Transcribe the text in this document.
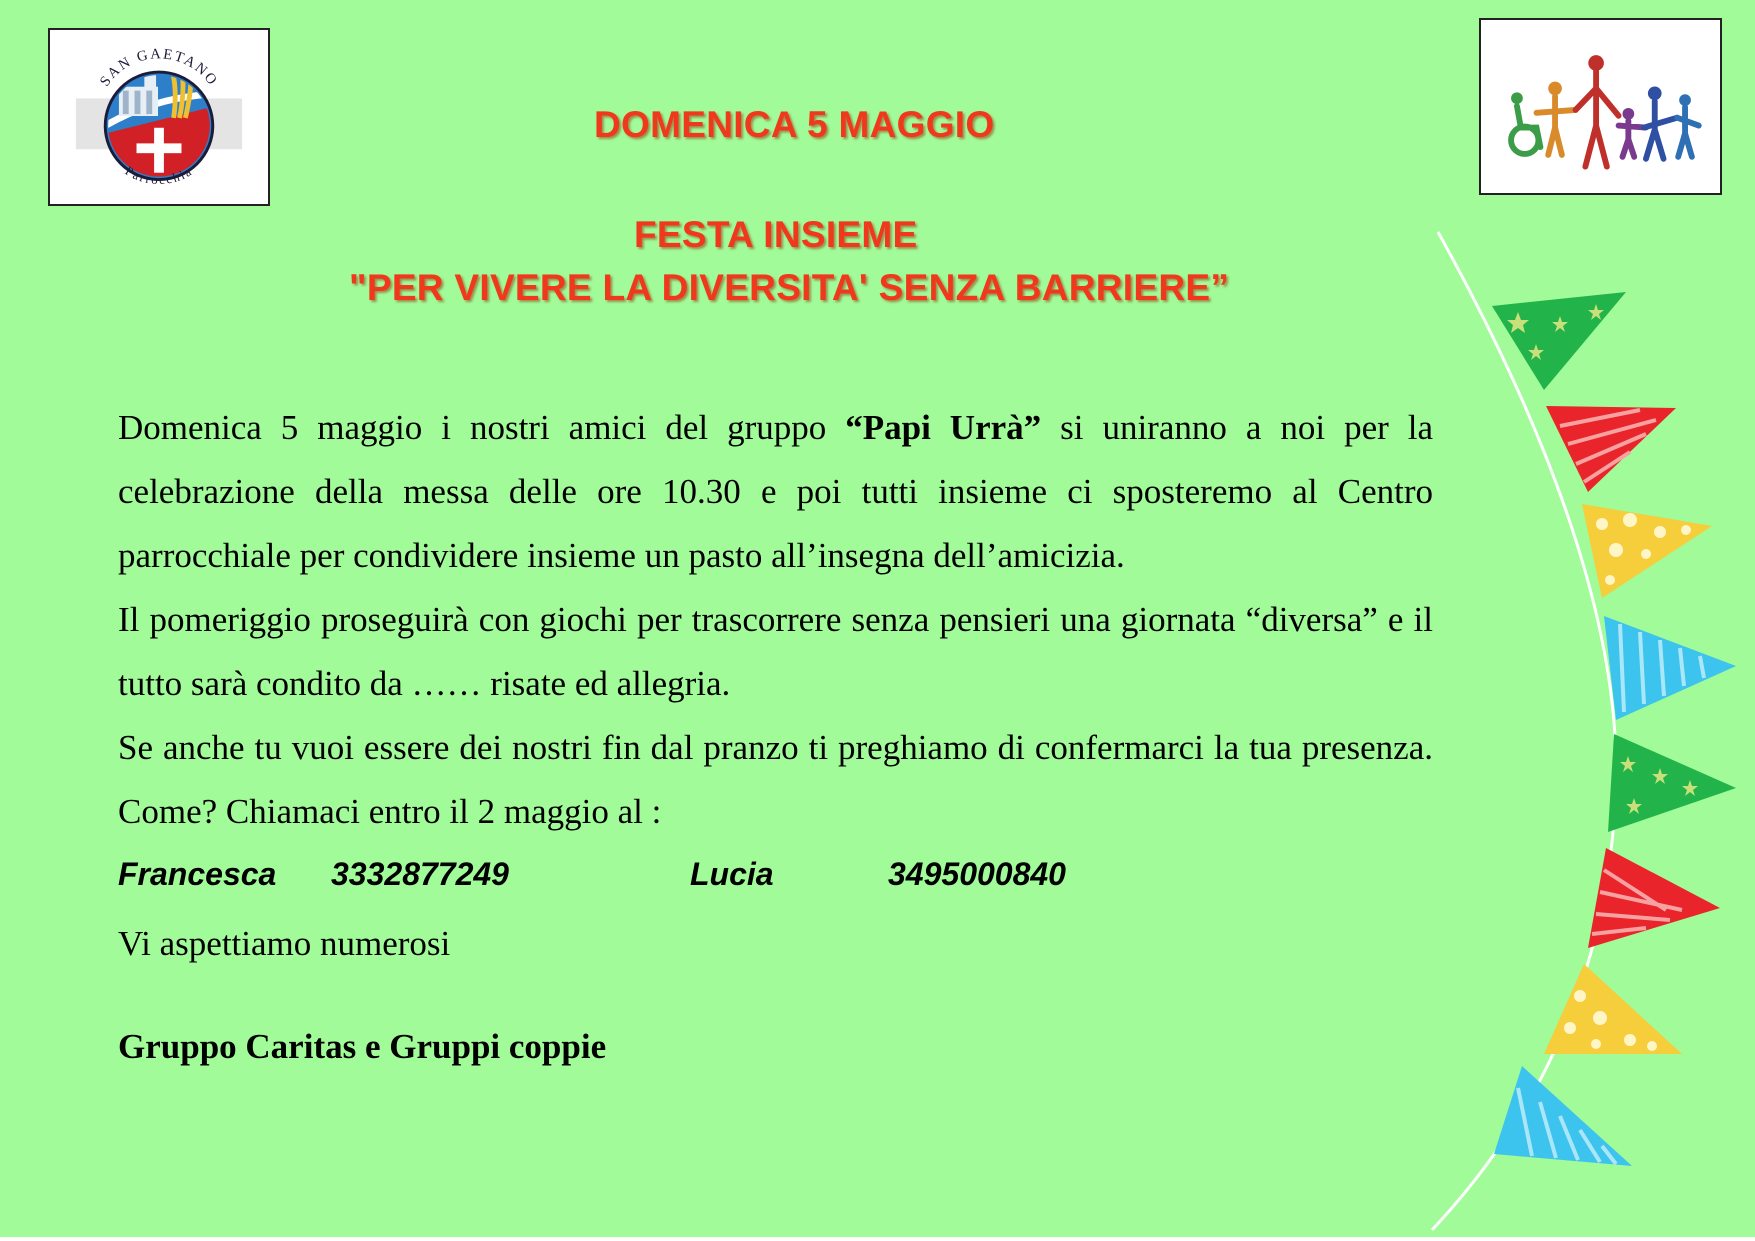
SAN GAETANO
Parrocchia
DOMENICA 5 MAGGIO
FESTA INSIEME
"PER VIVERE LA DIVERSITA' SENZA BARRIERE”

Domenica 5 maggio i nostri amici del gruppo “Papi Urrà” si uniranno a noi per la celebrazione della messa delle ore 10.30 e poi tutti insieme ci sposteremo al Centro parrocchiale per condividere insieme un pasto all’insegna dell’amicizia.

Il pomeriggio proseguirà con giochi per trascorrere senza pensieri una giornata “diversa” e il tutto sarà condito da …… risate ed allegria.

Se anche tu vuoi essere dei nostri fin dal pranzo ti preghiamo di confermarci la tua presenza. Come? Chiamaci entro il 2 maggio al :

Francesca 3332877249	Lucia	3495000840

Vi aspettiamo numerosi

Gruppo Caritas e Gruppi coppie
